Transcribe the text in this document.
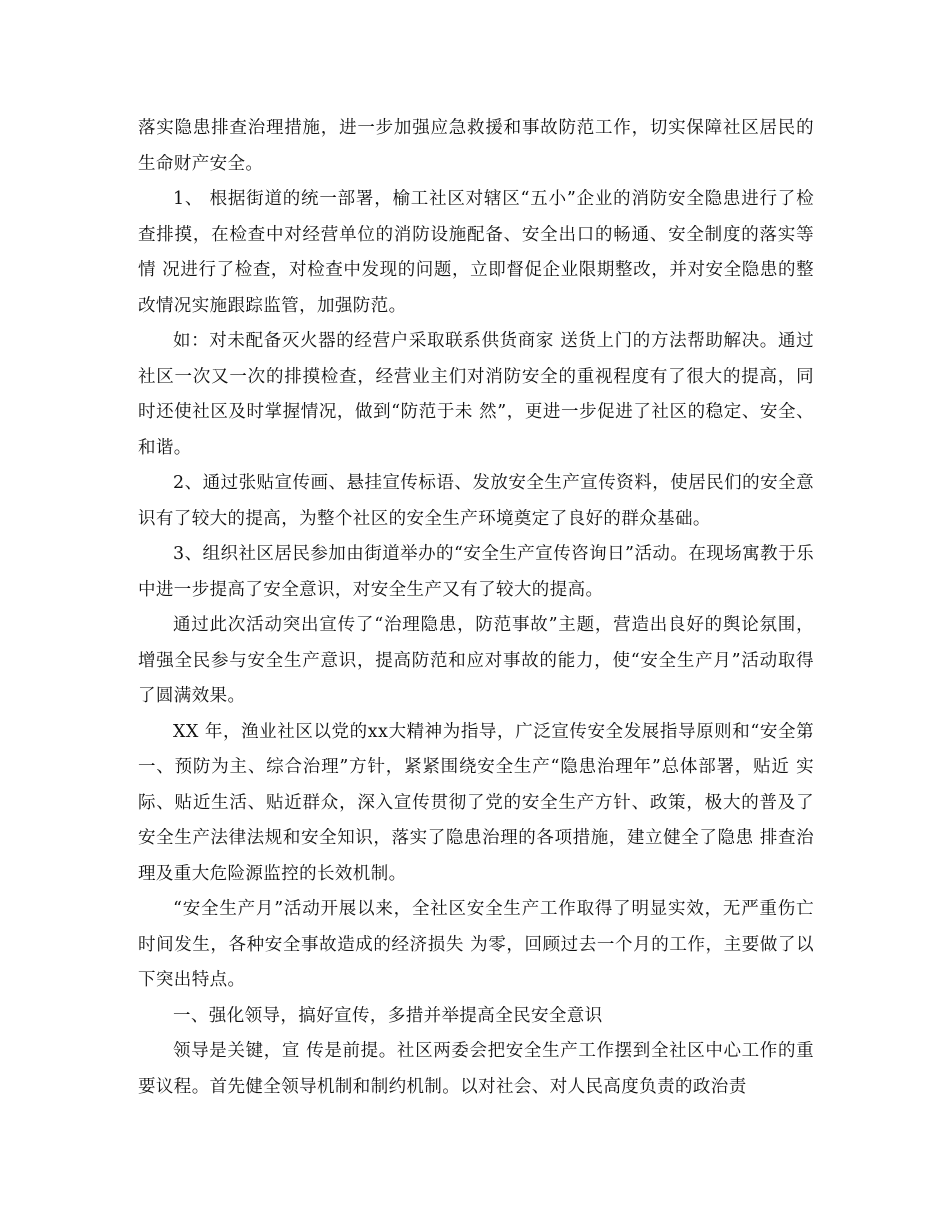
落实隐患排查治理措施，进一步加强应急救援和事故防范工作，切实保障社区居民的生命财产安全。

1、 根据街道的统一部署，榆工社区对辖区“五小”企业的消防安全隐患进行了检查排摸，在检查中对经营单位的消防设施配备、安全出口的畅通、安全制度的落实等情 况进行了检查，对检查中发现的问题，立即督促企业限期整改，并对安全隐患的整改情况实施跟踪监管，加强防范。

如：对未配备灭火器的经营户采取联系供货商家 送货上门的方法帮助解决。通过社区一次又一次的排摸检查，经营业主们对消防安全的重视程度有了很大的提高，同时还使社区及时掌握情况，做到“防范于未 然”，更进一步促进了社区的稳定、安全、和谐。

2、通过张贴宣传画、悬挂宣传标语、发放安全生产宣传资料，使居民们的安全意识有了较大的提高，为整个社区的安全生产环境奠定了良好的群众基础。

3、组织社区居民参加由街道举办的“安全生产宣传咨询日”活动。在现场寓教于乐中进一步提高了安全意识，对安全生产又有了较大的提高。

通过此次活动突出宣传了“治理隐患，防范事故”主题，营造出良好的舆论氛围，增强全民参与安全生产意识，提高防范和应对事故的能力，使“安全生产月”活动取得了圆满效果。

XX 年，渔业社区以党的xx大精神为指导，广泛宣传安全发展指导原则和“安全第一、预防为主、综合治理”方针，紧紧围绕安全生产“隐患治理年”总体部署，贴近 实际、贴近生活、贴近群众，深入宣传贯彻了党的安全生产方针、政策，极大的普及了安全生产法律法规和安全知识，落实了隐患治理的各项措施，建立健全了隐患 排查治理及重大危险源监控的长效机制。

“安全生产月”活动开展以来，全社区安全生产工作取得了明显实效，无严重伤亡时间发生，各种安全事故造成的经济损失 为零，回顾过去一个月的工作，主要做了以下突出特点。

一、强化领导，搞好宣传，多措并举提高全民安全意识

领导是关键，宣 传是前提。社区两委会把安全生产工作摆到全社区中心工作的重要议程。首先健全领导机制和制约机制。以对社会、对人民高度负责的政治责
